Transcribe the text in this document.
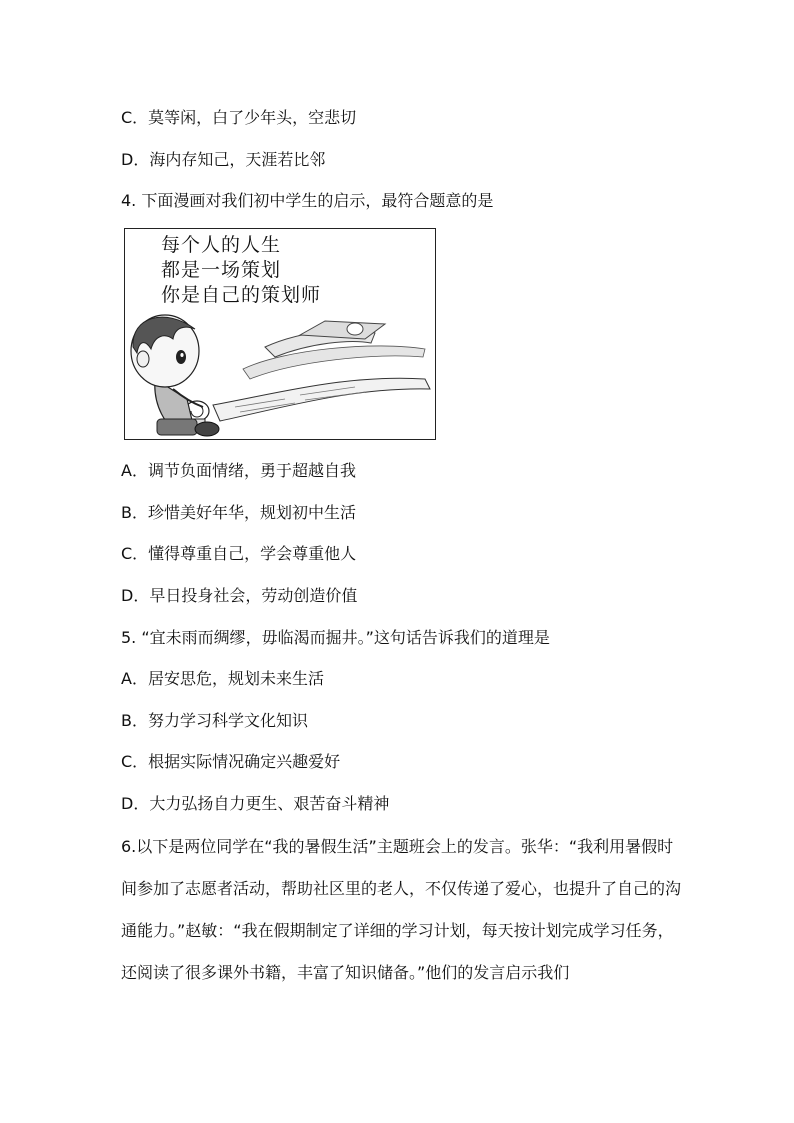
C．莫等闲，白了少年头，空悲切
D．海内存知己，天涯若比邻
4. 下面漫画对我们初中学生的启示，最符合题意的是
每个人的人生
都是一场策划
你是自己的策划师
A．调节负面情绪，勇于超越自我
B．珍惜美好年华，规划初中生活
C．懂得尊重自己，学会尊重他人
D．早日投身社会，劳动创造价值
5. “宜未雨而绸缪，毋临渴而掘井。”这句话告诉我们的道理是
A．居安思危，规划未来生活
B．努力学习科学文化知识
C．根据实际情况确定兴趣爱好
D．大力弘扬自力更生、艰苦奋斗精神
6.以下是两位同学在“我的暑假生活”主题班会上的发言。张华：“我利用暑假时间参加了志愿者活动，帮助社区里的老人，不仅传递了爱心，也提升了自己的沟通能力。”赵敏：“我在假期制定了详细的学习计划，每天按计划完成学习任务，还阅读了很多课外书籍，丰富了知识储备。”他们的发言启示我们
